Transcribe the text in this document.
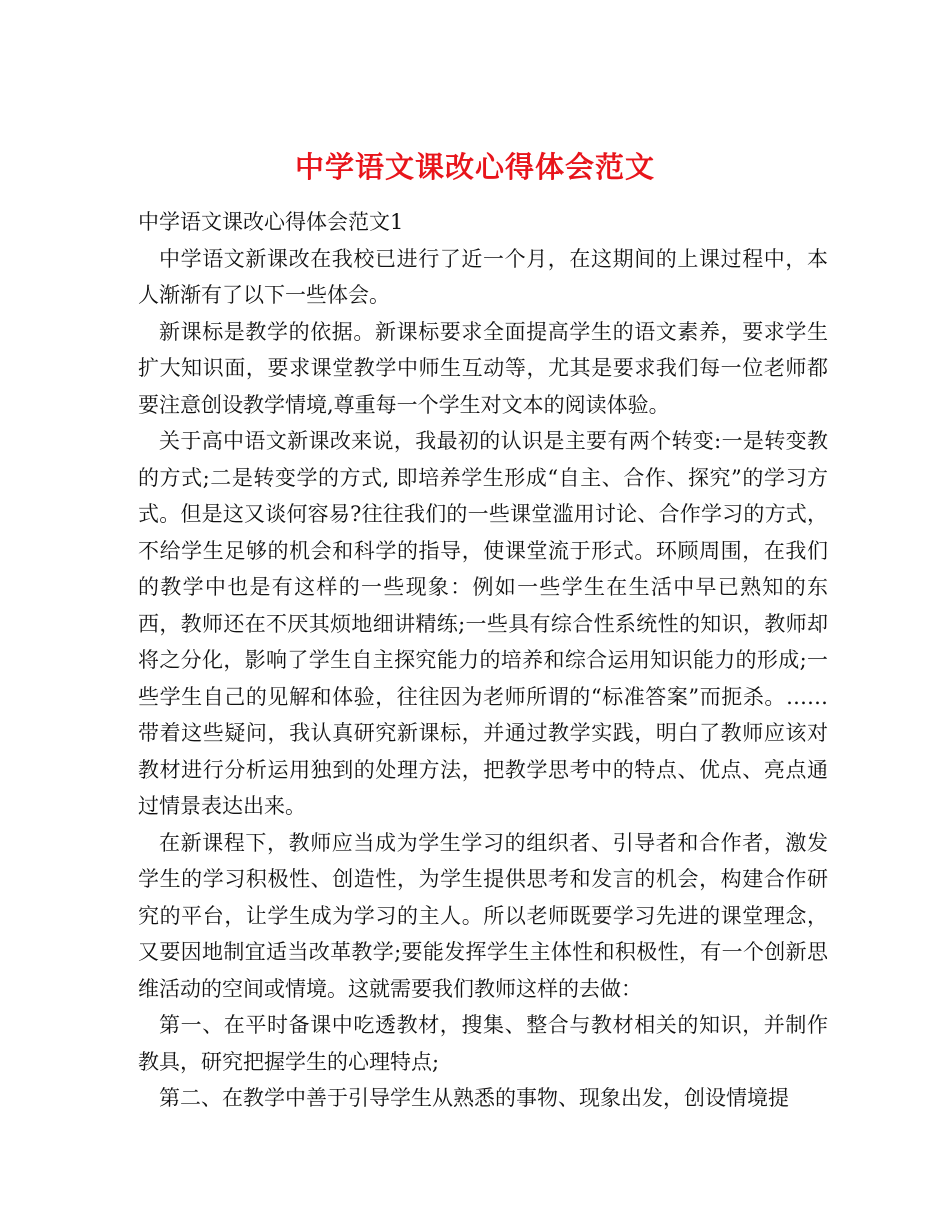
中学语文课改心得体会范文

中学语文课改心得体会范文1

中学语文新课改在我校已进行了近一个月，在这期间的上课过程中，本人渐渐有了以下一些体会。

新课标是教学的依据。新课标要求全面提高学生的语文素养，要求学生扩大知识面，要求课堂教学中师生互动等，尤其是要求我们每一位老师都要注意创设教学情境,尊重每一个学生对文本的阅读体验。

关于高中语文新课改来说，我最初的认识是主要有两个转变:一是转变教的方式;二是转变学的方式, 即培养学生形成“自主、合作、探究”的学习方式。但是这又谈何容易?往往我们的一些课堂滥用讨论、合作学习的方式，不给学生足够的机会和科学的指导，使课堂流于形式。环顾周围，在我们的教学中也是有这样的一些现象：例如一些学生在生活中早已熟知的东西，教师还在不厌其烦地细讲精练;一些具有综合性系统性的知识，教师却将之分化，影响了学生自主探究能力的培养和综合运用知识能力的形成;一些学生自己的见解和体验，往往因为老师所谓的“标准答案”而扼杀。……带着这些疑问，我认真研究新课标，并通过教学实践，明白了教师应该对教材进行分析运用独到的处理方法，把教学思考中的特点、优点、亮点通过情景表达出来。

在新课程下，教师应当成为学生学习的组织者、引导者和合作者，激发学生的学习积极性、创造性，为学生提供思考和发言的机会，构建合作研究的平台，让学生成为学习的主人。所以老师既要学习先进的课堂理念，又要因地制宜适当改革教学;要能发挥学生主体性和积极性，有一个创新思维活动的空间或情境。这就需要我们教师这样的去做：

第一、在平时备课中吃透教材，搜集、整合与教材相关的知识，并制作教具，研究把握学生的心理特点;

第二、在教学中善于引导学生从熟悉的事物、现象出发，创设情境提
